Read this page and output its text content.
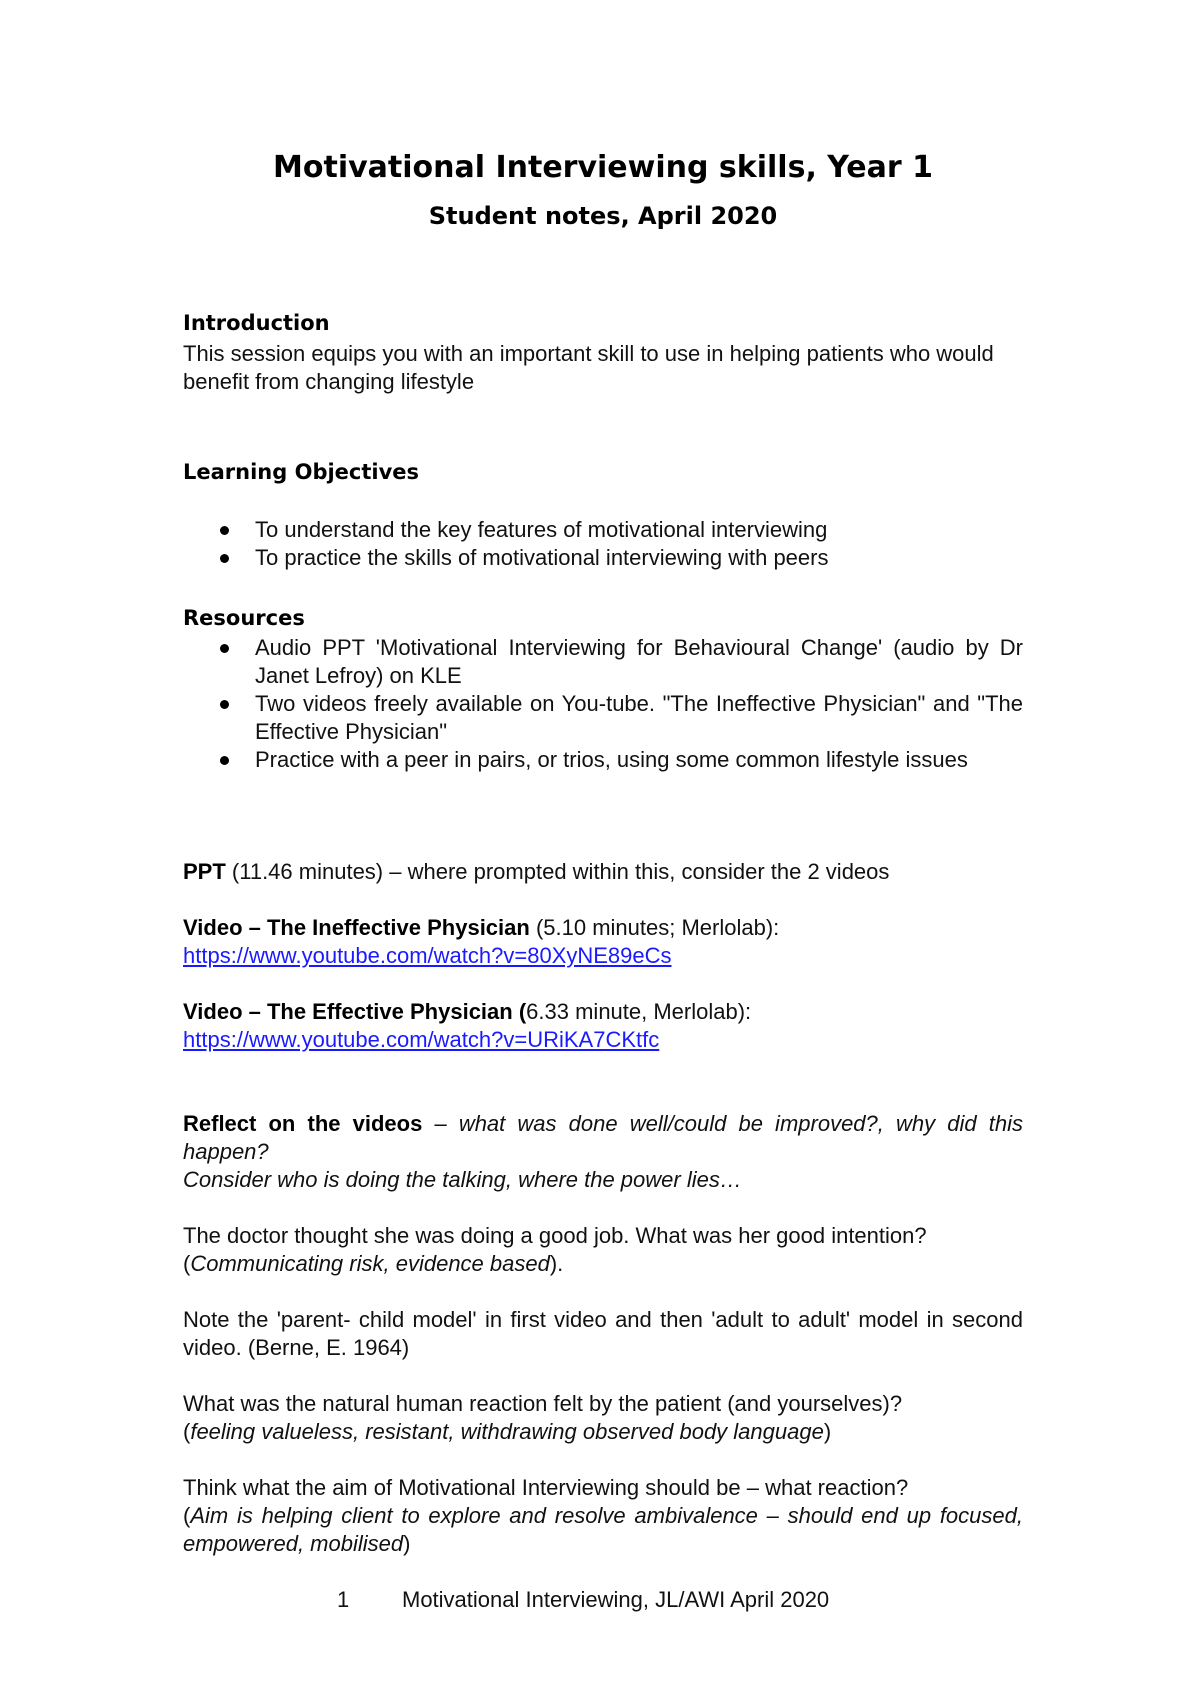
Motivational Interviewing skills, Year 1
Student notes, April 2020
Introduction

This session equips you with an important skill to use in helping patients who would benefit from changing lifestyle

Learning Objectives
To understand the key features of motivational interviewing
To practice the skills of motivational interviewing with peers
Resources
Audio PPT 'Motivational Interviewing for Behavioural Change' (audio by Dr Janet Lefroy) on KLE
Two videos freely available on You-tube. "The Ineffective Physician" and "The Effective Physician"
Practice with a peer in pairs, or trios, using some common lifestyle issues

PPT (11.46 minutes) – where prompted within this, consider the 2 videos

Video – The Ineffective Physician (5.10 minutes; Merlolab):
https://www.youtube.com/watch?v=80XyNE89eCs

Video – The Effective Physician (6.33 minute, Merlolab):
https://www.youtube.com/watch?v=URiKA7CKtfc

Reflect on the videos – what was done well/could be improved?, why did this happen?
Consider who is doing the talking, where the power lies…

The doctor thought she was doing a good job. What was her good intention?
(Communicating risk, evidence based).

Note the 'parent- child model' in first video and then 'adult to adult' model in second video. (Berne, E. 1964)

What was the natural human reaction felt by the patient (and yourselves)?
(feeling valueless, resistant, withdrawing observed body language)

Think what the aim of Motivational Interviewing should be – what reaction?
(Aim is helping client to explore and resolve ambivalence – should end up focused, empowered, mobilised)

1 Motivational Interviewing, JL/AWI April 2020
